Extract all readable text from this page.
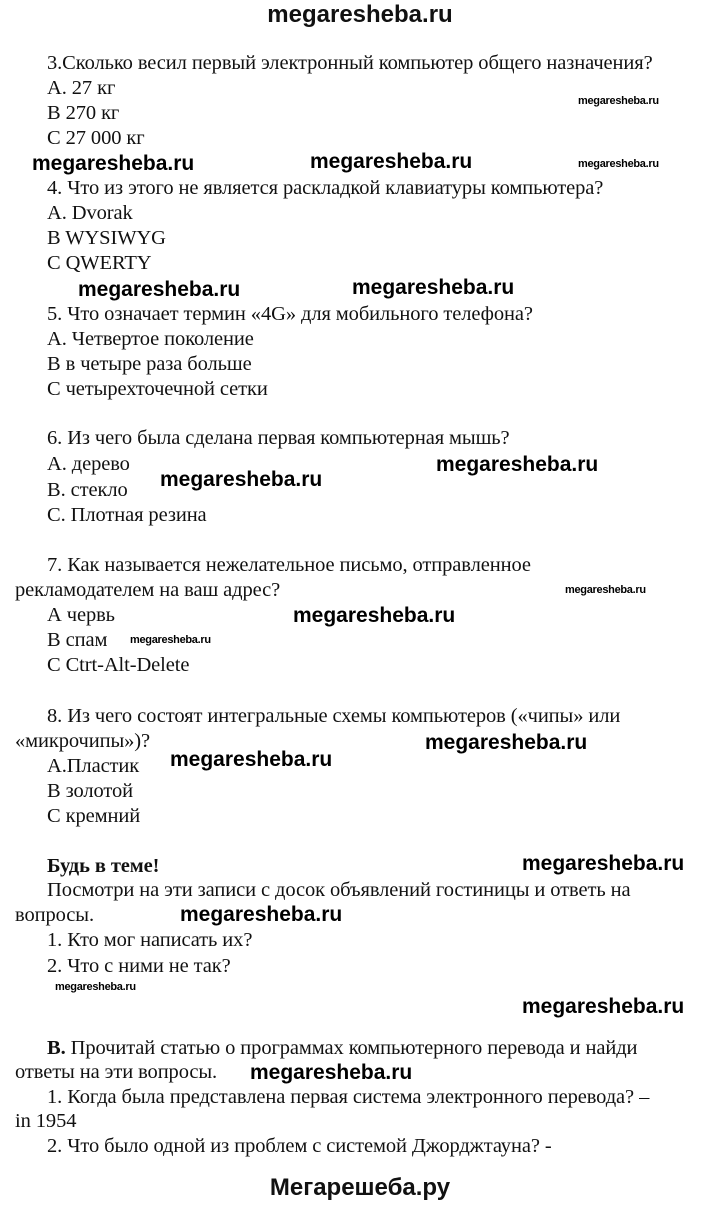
megaresheba.ru
3.Сколько весил первый электронный компьютер общего назначения?
А. 27 кг
В 270 кг
С 27 000 кг
megaresheba.ru
megaresheba.ru	megaresheba.ru	megaresheba.ru
4. Что из этого не является раскладкой клавиатуры компьютера?
A. Dvorak
B WYSIWYG
C QWERTY
megaresheba.ru	megaresheba.ru
5. Что означает термин «4G» для мобильного телефона?
А. Четвертое поколение
В в четыре раза больше
С четырехточечной сетки
6. Из чего была сделана первая компьютерная мышь?
А. дерево
В. стекло
С. Плотная резина
megaresheba.ru
megaresheba.ru
7. Как называется нежелательное письмо, отправленное
рекламодателем на ваш адрес?	megaresheba.ru
А червь	megaresheba.ru
megaresheba.ru
В спам
С Ctrt-Alt-Delete
8. Из чего состоят интегральные схемы компьютеров («чипы» или
«микрочипы»)?	megaresheba.ru
А.Пластик megaresheba.ru
В золотой
С кремний
Будь в теме!	megaresheba.ru
Посмотри на эти записи с досок объявлений гостиницы и ответь на
вопросы.	megaresheba.ru
1. Кто мог написать их?
2. Что с ними не так?
megaresheba.ru
megaresheba.ru
B. Прочитай статью о программах компьютерного перевода и найди
ответы на эти вопросы. megaresheba.ru
1. Когда была представлена первая система электронного перевода? –
in 1954
2. Что было одной из проблем с системой Джорджтауна? -
Мегарешеба.ру
